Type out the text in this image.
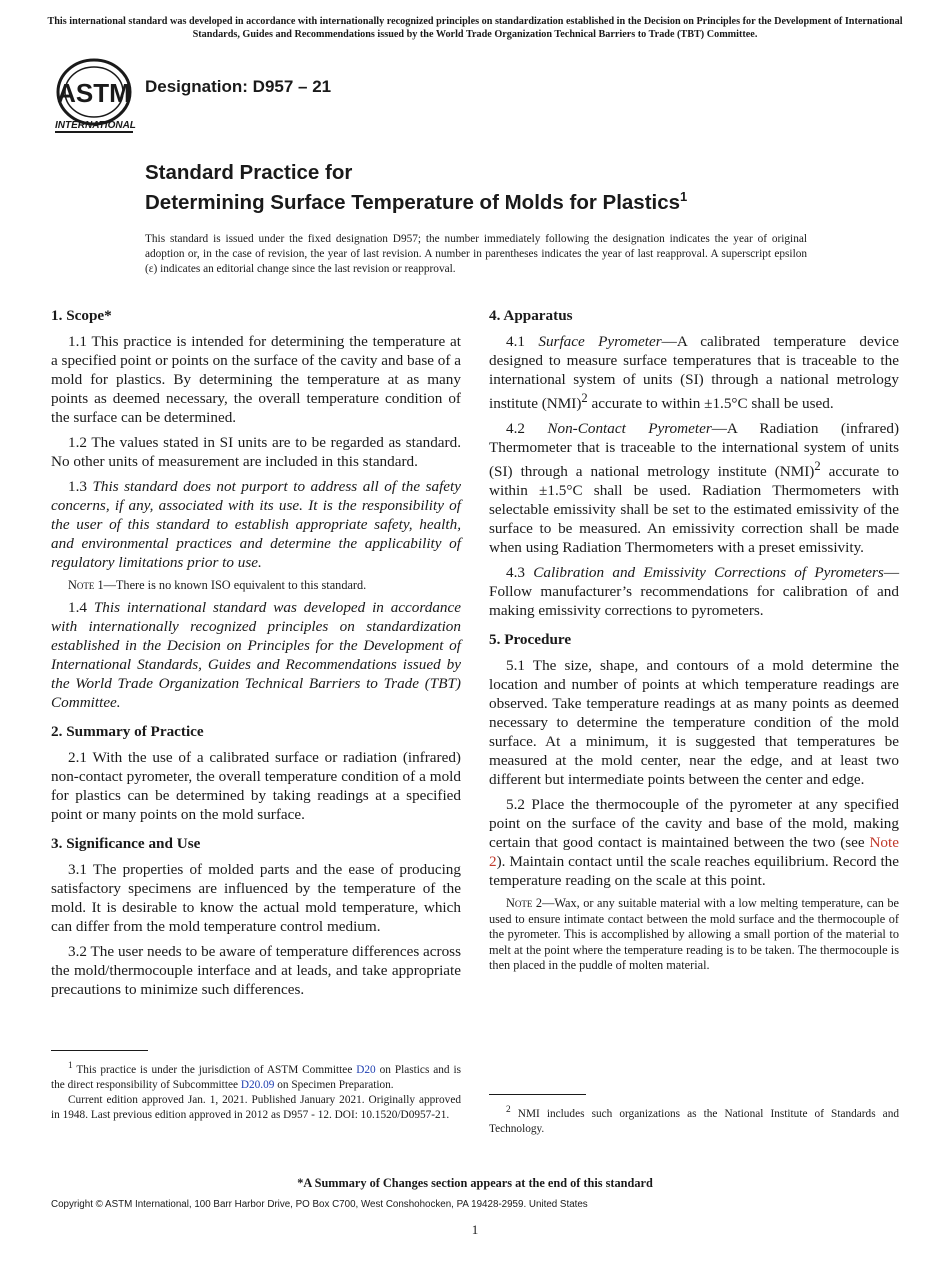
This international standard was developed in accordance with internationally recognized principles on standardization established in the Decision on Principles for the Development of International Standards, Guides and Recommendations issued by the World Trade Organization Technical Barriers to Trade (TBT) Committee.
ASTM
INTERNATIONAL
Designation: D957 – 21
Standard Practice for
Determining Surface Temperature of Molds for Plastics$^1$
This standard is issued under the fixed designation D957; the number immediately following the designation indicates the year of original adoption or, in the case of revision, the year of last revision. A number in parentheses indicates the year of last reapproval. A superscript epsilon (ε) indicates an editorial change since the last revision or reapproval.
1. Scope*

1.1 This practice is intended for determining the temperature at a specified point or points on the surface of the cavity and base of a mold for plastics. By determining the temperature at as many points as deemed necessary, the overall temperature condition of the surface can be determined.

1.2 The values stated in SI units are to be regarded as standard. No other units of measurement are included in this standard.

1.3 This standard does not purport to address all of the safety concerns, if any, associated with its use. It is the responsibility of the user of this standard to establish appropriate safety, health, and environmental practices and determine the applicability of regulatory limitations prior to use.

Note 1—There is no known ISO equivalent to this standard.

1.4 This international standard was developed in accordance with internationally recognized principles on standardization established in the Decision on Principles for the Development of International Standards, Guides and Recommendations issued by the World Trade Organization Technical Barriers to Trade (TBT) Committee.

2. Summary of Practice

2.1 With the use of a calibrated surface or radiation (infrared) non-contact pyrometer, the overall temperature condition of a mold for plastics can be determined by taking readings at a specified point or many points on the mold surface.

3. Significance and Use

3.1 The properties of molded parts and the ease of producing satisfactory specimens are influenced by the temperature of the mold. It is desirable to know the actual mold temperature, which can differ from the mold temperature control medium.

3.2 The user needs to be aware of temperature differences across the mold/thermocouple interface and at leads, and take appropriate precautions to minimize such differences.

$^1$ This practice is under the jurisdiction of ASTM Committee D20 on Plastics and is the direct responsibility of Subcommittee D20.09 on Specimen Preparation.

Current edition approved Jan. 1, 2021. Published January 2021. Originally approved in 1948. Last previous edition approved in 2012 as D957 - 12. DOI: 10.1520/D0957-21.

4. Apparatus

4.1 Surface Pyrometer—A calibrated temperature device designed to measure surface temperatures that is traceable to the international system of units (SI) through a national metrology institute (NMI)$^2$ accurate to within ±1.5°C shall be used.

4.2 Non-Contact Pyrometer—A Radiation (infrared) Thermometer that is traceable to the international system of units (SI) through a national metrology institute (NMI)$^2$ accurate to within ±1.5°C shall be used. Radiation Thermometers with selectable emissivity shall be set to the estimated emissivity of the surface to be measured. An emissivity correction shall be made when using Radiation Thermometers with a preset emissivity.

4.3 Calibration and Emissivity Corrections of Pyrometers—Follow manufacturer’s recommendations for calibration of and making emissivity corrections to pyrometers.

5. Procedure

5.1 The size, shape, and contours of a mold determine the location and number of points at which temperature readings are observed. Take temperature readings at as many points as deemed necessary to determine the temperature condition of the mold surface. At a minimum, it is suggested that temperatures be measured at the mold center, near the edge, and at least two different but intermediate points between the center and edge.

5.2 Place the thermocouple of the pyrometer at any specified point on the surface of the cavity and base of the mold, making certain that good contact is maintained between the two (see Note 2). Maintain contact until the scale reaches equilibrium. Record the temperature reading on the scale at this point.

Note 2—Wax, or any suitable material with a low melting temperature, can be used to ensure intimate contact between the mold surface and the thermocouple of the pyrometer. This is accomplished by allowing a small portion of the material to melt at the point where the temperature reading is to be taken. The thermocouple is then placed in the puddle of molten material.

$^2$ NMI includes such organizations as the National Institute of Standards and Technology.

*A Summary of Changes section appears at the end of this standard
Copyright © ASTM International, 100 Barr Harbor Drive, PO Box C700, West Conshohocken, PA 19428-2959. United States
1
